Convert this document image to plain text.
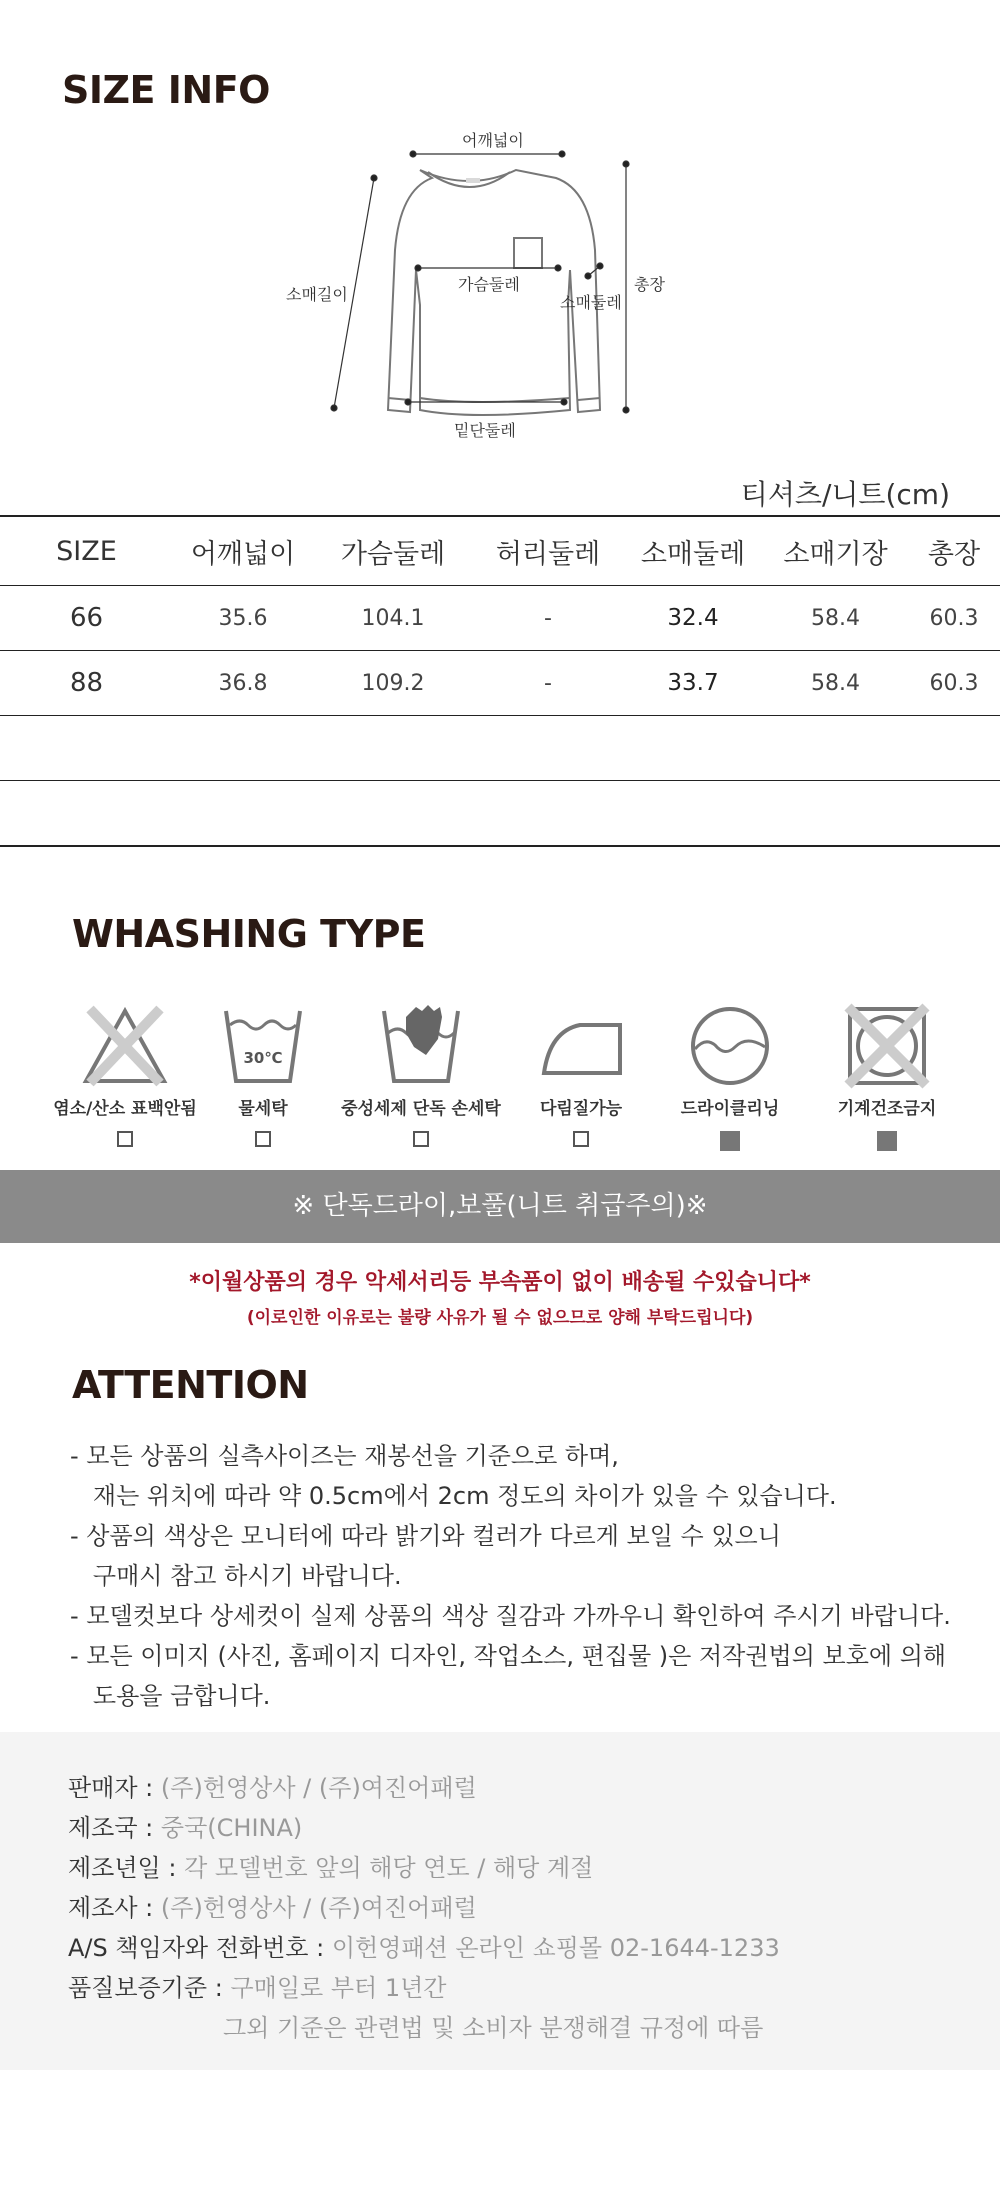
SIZE INFO
어깨넓이
가슴둘레
소매길이	소매둘레
총장
밑단둘레
티셔츠/니트(cm)
SIZE	어깨넓이	가슴둘레	허리둘레	소매둘레	소매기장	총장
66	35.6	104.1	-	32.4	58.4	60.3
88	36.8	109.2	-	33.7	58.4	60.3

WHASHING TYPE
염소/산소 표백안됨
30℃
물세탁	중성세제 단독 손세탁	다림질가능	드라이클리닝	기계건조금지
※ 단독드라이,보풀(니트 취급주의)※
*이월상품의 경우 악세서리등 부속품이 없이 배송될 수있습니다*
(이로인한 이유로는 불량 사유가 될 수 없으므로 양해 부탁드립니다)
ATTENTION
- 모든 상품의 실측사이즈는 재봉선을 기준으로 하며,
재는 위치에 따라 약 0.5cm에서 2cm 정도의 차이가 있을 수 있습니다.
- 상품의 색상은 모니터에 따라 밝기와 컬러가 다르게 보일 수 있으니
구매시 참고 하시기 바랍니다.
- 모델컷보다 상세컷이 실제 상품의 색상 질감과 가까우니 확인하여 주시기 바랍니다.
- 모든 이미지 (사진, 홈페이지 디자인, 작업소스, 편집물 )은 저작권법의 보호에 의해
도용을 금합니다.
판매자 : (주)헌영상사 / (주)여진어패럴
제조국 : 중국(CHINA)
제조년일 : 각 모델번호 앞의 해당 연도 / 해당 계절
제조사 : (주)헌영상사 / (주)여진어패럴
A/S 책임자와 전화번호 : 이헌영패션 온라인 쇼핑몰 02-1644-1233
품질보증기준 : 구매일로 부터 1년간
그외 기준은 관련법 및 소비자 분쟁해결 규정에 따름
